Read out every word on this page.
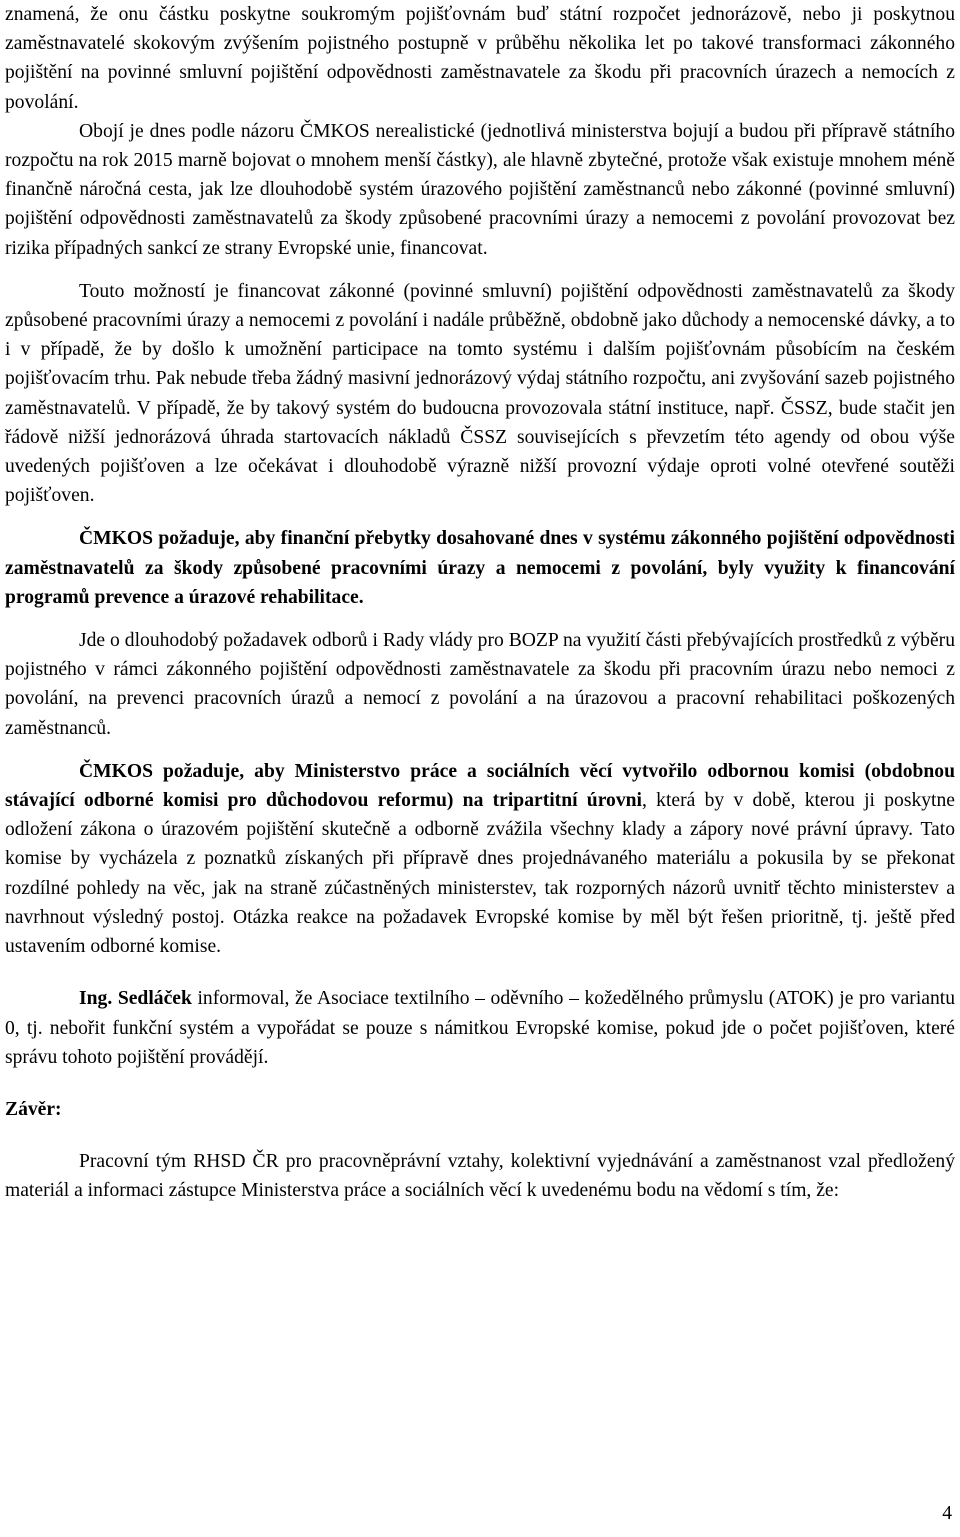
znamená, že onu částku poskytne soukromým pojišťovnám buď státní rozpočet jednorázově, nebo ji poskytnou zaměstnavatelé skokovým zvýšením pojistného postupně v průběhu několika let po takové transformaci zákonného pojištění na povinné smluvní pojištění odpovědnosti zaměstnavatele za škodu při pracovních úrazech a nemocích z povolání.

Obojí je dnes podle názoru ČMKOS nerealistické (jednotlivá ministerstva bojují a budou při přípravě státního rozpočtu na rok 2015 marně bojovat o mnohem menší částky), ale hlavně zbytečné, protože však existuje mnohem méně finančně náročná cesta, jak lze dlouhodobě systém úrazového pojištění zaměstnanců nebo zákonné (povinné smluvní) pojištění odpovědnosti zaměstnavatelů za škody způsobené pracovními úrazy a nemocemi z povolání provozovat bez rizika případných sankcí ze strany Evropské unie, financovat.

Touto možností je financovat zákonné (povinné smluvní) pojištění odpovědnosti zaměstnavatelů za škody způsobené pracovními úrazy a nemocemi z povolání i nadále průběžně, obdobně jako důchody a nemocenské dávky, a to i v případě, že by došlo k umožnění participace na tomto systému i dalším pojišťovnám působícím na českém pojišťovacím trhu. Pak nebude třeba žádný masivní jednorázový výdaj státního rozpočtu, ani zvyšování sazeb pojistného zaměstnavatelů. V případě, že by takový systém do budoucna provozovala státní instituce, např. ČSSZ, bude stačit jen řádově nižší jednorázová úhrada startovacích nákladů ČSSZ souvisejících s převzetím této agendy od obou výše uvedených pojišťoven a lze očekávat i dlouhodobě výrazně nižší provozní výdaje oproti volné otevřené soutěži pojišťoven.

ČMKOS požaduje, aby finanční přebytky dosahované dnes v systému zákonného pojištění odpovědnosti zaměstnavatelů za škody způsobené pracovními úrazy a nemocemi z povolání, byly využity k financování programů prevence a úrazové rehabilitace.

Jde o dlouhodobý požadavek odborů i Rady vlády pro BOZP na využití části přebývajících prostředků z výběru pojistného v rámci zákonného pojištění odpovědnosti zaměstnavatele za škodu při pracovním úrazu nebo nemoci z povolání, na prevenci pracovních úrazů a nemocí z povolání a na úrazovou a pracovní rehabilitaci poškozených zaměstnanců.

ČMKOS požaduje, aby Ministerstvo práce a sociálních věcí vytvořilo odbornou komisi (obdobnou stávající odborné komisi pro důchodovou reformu) na tripartitní úrovni, která by v době, kterou ji poskytne odložení zákona o úrazovém pojištění skutečně a odborně zvážila všechny klady a zápory nové právní úpravy. Tato komise by vycházela z poznatků získaných při přípravě dnes projednávaného materiálu a pokusila by se překonat rozdílné pohledy na věc, jak na straně zúčastněných ministerstev, tak rozporných názorů uvnitř těchto ministerstev a navrhnout výsledný postoj. Otázka reakce na požadavek Evropské komise by měl být řešen prioritně, tj. ještě před ustavením odborné komise.

Ing. Sedláček informoval, že Asociace textilního – oděvního – kožedělného průmyslu (ATOK) je pro variantu 0, tj. nebořit funkční systém a vypořádat se pouze s námitkou Evropské komise, pokud jde o počet pojišťoven, které správu tohoto pojištění provádějí.

Závěr:

Pracovní tým RHSD ČR pro pracovněprávní vztahy, kolektivní vyjednávání a zaměstnanost vzal předložený materiál a informaci zástupce Ministerstva práce a sociálních věcí k uvedenému bodu na vědomí s tím, že:

4
